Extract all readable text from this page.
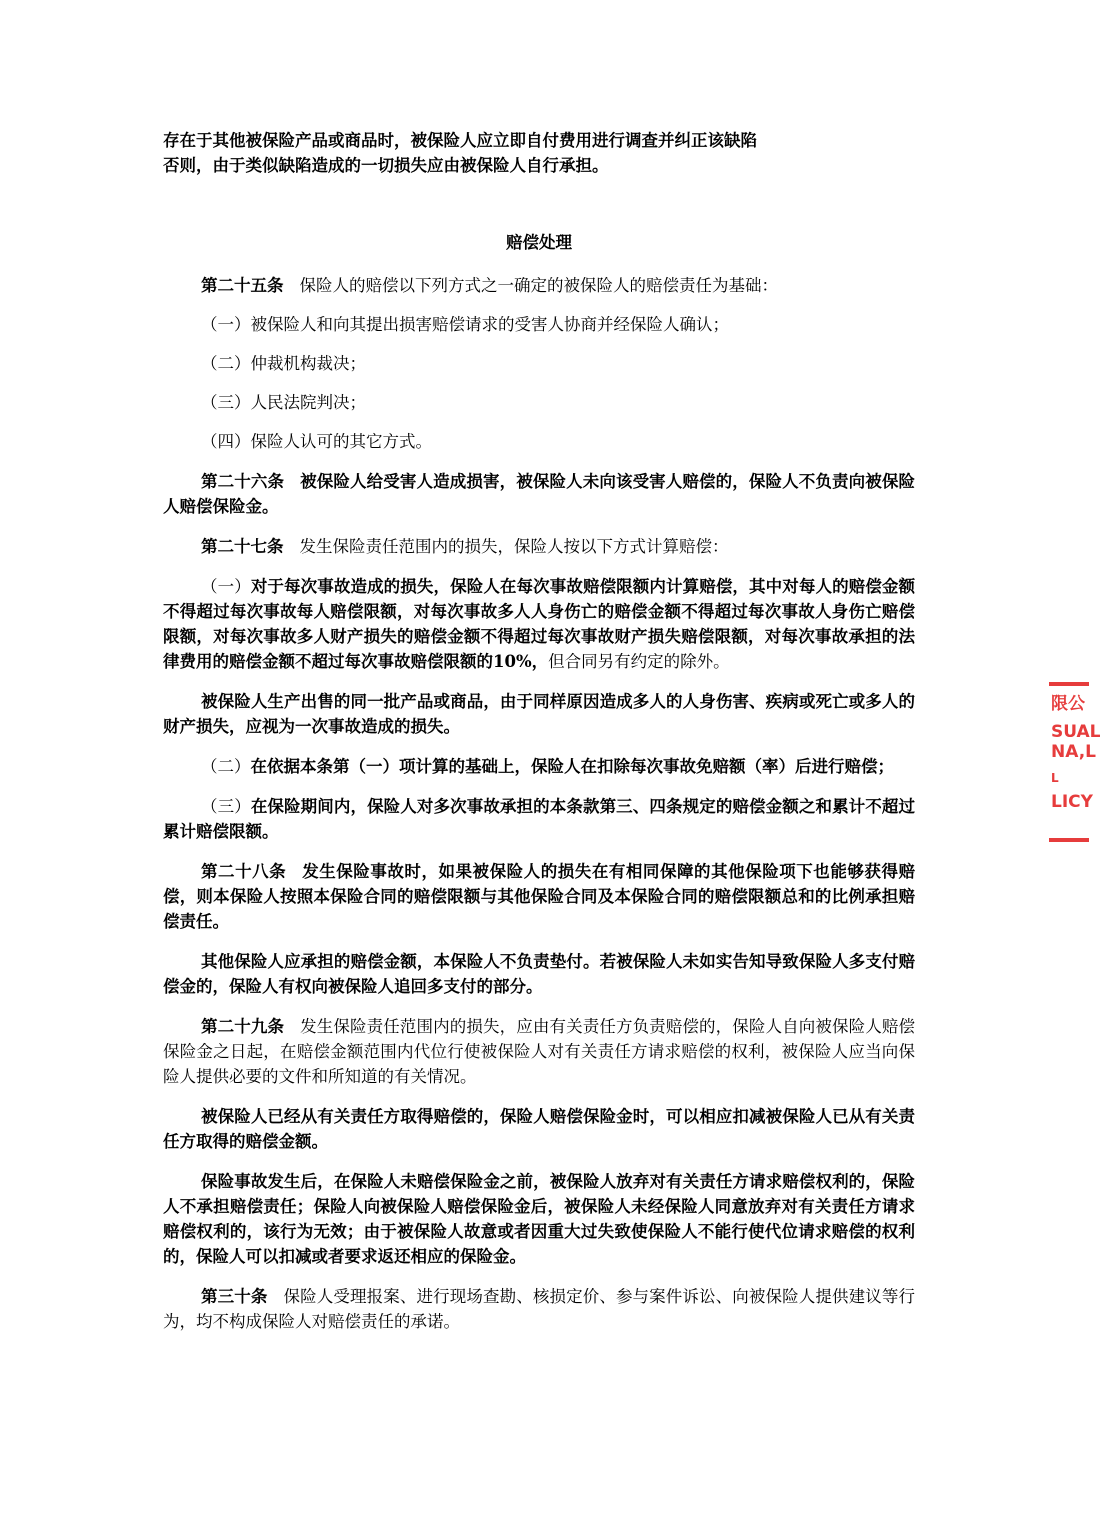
存在于其他被保险产品或商品时，被保险人应立即自付费用进行调查并纠正该缺陷

否则，由于类似缺陷造成的一切损失应由被保险人自行承担。

赔偿处理

第二十五条 保险人的赔偿以下列方式之一确定的被保险人的赔偿责任为基础：

（一）被保险人和向其提出损害赔偿请求的受害人协商并经保险人确认；

（二）仲裁机构裁决；

（三）人民法院判决；

（四）保险人认可的其它方式。

第二十六条 被保险人给受害人造成损害，被保险人未向该受害人赔偿的，保险人不负责向被保险人赔偿保险金。

第二十七条 发生保险责任范围内的损失，保险人按以下方式计算赔偿：

（一）对于每次事故造成的损失，保险人在每次事故赔偿限额内计算赔偿，其中对每人的赔偿金额不得超过每次事故每人赔偿限额，对每次事故多人人身伤亡的赔偿金额不得超过每次事故人身伤亡赔偿限额，对每次事故多人财产损失的赔偿金额不得超过每次事故财产损失赔偿限额，对每次事故承担的法律费用的赔偿金额不超过每次事故赔偿限额的10%，但合同另有约定的除外。

被保险人生产出售的同一批产品或商品，由于同样原因造成多人的人身伤害、疾病或死亡或多人的财产损失，应视为一次事故造成的损失。

（二）在依据本条第（一）项计算的基础上，保险人在扣除每次事故免赔额（率）后进行赔偿；

（三）在保险期间内，保险人对多次事故承担的本条款第三、四条规定的赔偿金额之和累计不超过累计赔偿限额。

第二十八条 发生保险事故时，如果被保险人的损失在有相同保障的其他保险项下也能够获得赔偿，则本保险人按照本保险合同的赔偿限额与其他保险合同及本保险合同的赔偿限额总和的比例承担赔偿责任。

其他保险人应承担的赔偿金额，本保险人不负责垫付。若被保险人未如实告知导致保险人多支付赔偿金的，保险人有权向被保险人追回多支付的部分。

第二十九条 发生保险责任范围内的损失，应由有关责任方负责赔偿的，保险人自向被保险人赔偿保险金之日起，在赔偿金额范围内代位行使被保险人对有关责任方请求赔偿的权利，被保险人应当向保险人提供必要的文件和所知道的有关情况。

被保险人已经从有关责任方取得赔偿的，保险人赔偿保险金时，可以相应扣减被保险人已从有关责任方取得的赔偿金额。

保险事故发生后，在保险人未赔偿保险金之前，被保险人放弃对有关责任方请求赔偿权利的，保险人不承担赔偿责任；保险人向被保险人赔偿保险金后，被保险人未经保险人同意放弃对有关责任方请求赔偿权利的，该行为无效；由于被保险人故意或者因重大过失致使保险人不能行使代位请求赔偿的权利的，保险人可以扣减或者要求返还相应的保险金。

第三十条 保险人受理报案、进行现场查勘、核损定价、参与案件诉讼、向被保险人提供建议等行为，均不构成保险人对赔偿责任的承诺。

限公
SUAL
NA,L
L
LICY
